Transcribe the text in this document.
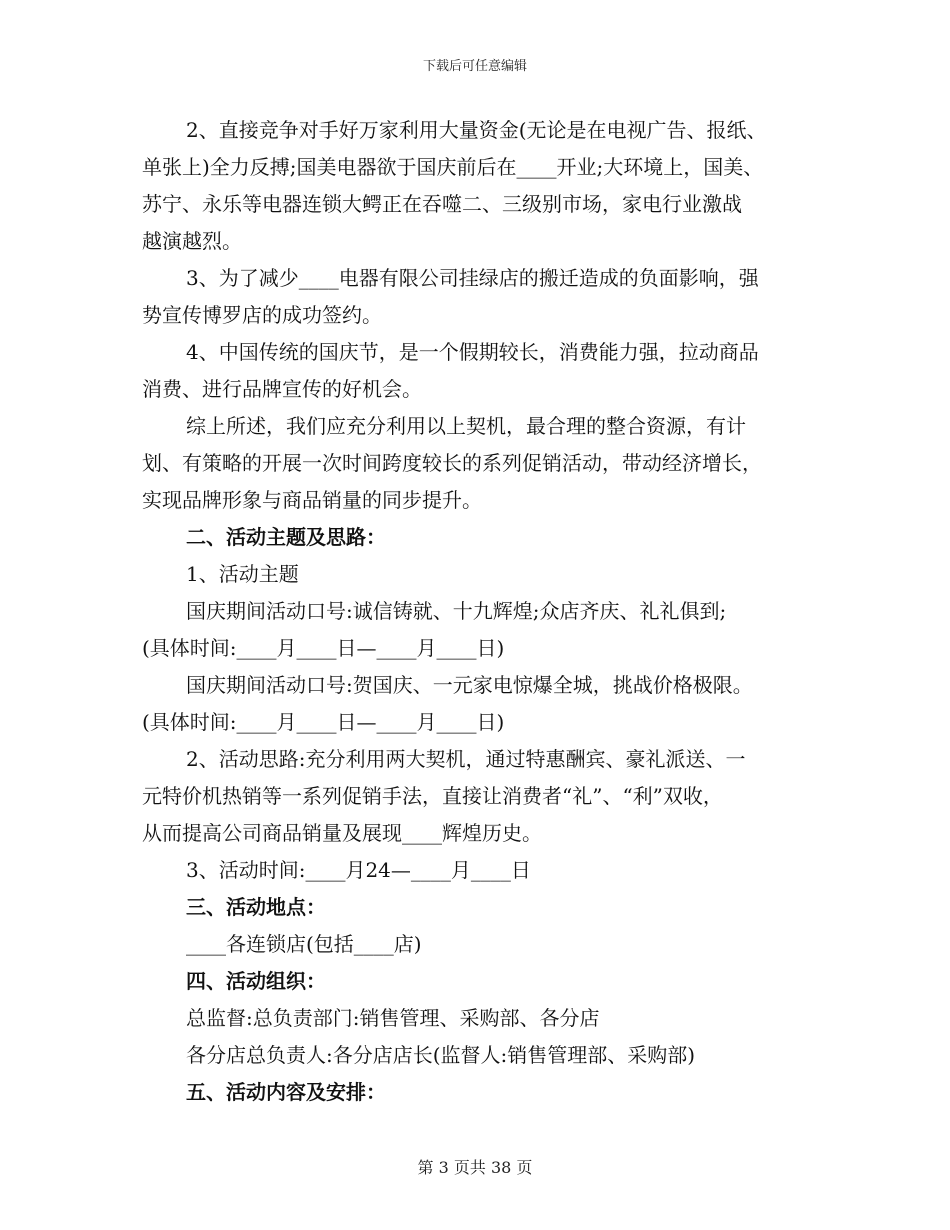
下载后可任意编辑
2、直接竞争对手好万家利用大量资金(无论是在电视广告、报纸、
单张上)全力反搏;国美电器欲于国庆前后在____开业;大环境上，国美、
苏宁、永乐等电器连锁大鳄正在吞噬二、三级别市场，家电行业激战
越演越烈。
3、为了减少____电器有限公司挂绿店的搬迁造成的负面影响，强
势宣传博罗店的成功签约。
4、中国传统的国庆节，是一个假期较长，消费能力强，拉动商品
消费、进行品牌宣传的好机会。
综上所述，我们应充分利用以上契机，最合理的整合资源，有计
划、有策略的开展一次时间跨度较长的系列促销活动，带动经济增长，
实现品牌形象与商品销量的同步提升。
二、活动主题及思路：
1、活动主题
国庆期间活动口号:诚信铸就、十九辉煌;众店齐庆、礼礼俱到;
(具体时间:____月____日—____月____日)
国庆期间活动口号:贺国庆、一元家电惊爆全城，挑战价格极限。
(具体时间:____月____日—____月____日)
2、活动思路:充分利用两大契机，通过特惠酬宾、豪礼派送、一
元特价机热销等一系列促销手法，直接让消费者“礼”、“利”双收，
从而提高公司商品销量及展现____辉煌历史。
3、活动时间:____月24—____月____日
三、活动地点：
____各连锁店(包括____店)
四、活动组织：
总监督:总负责部门:销售管理、采购部、各分店
各分店总负责人:各分店店长(监督人:销售管理部、采购部)
五、活动内容及安排：
第 3 页共 38 页
